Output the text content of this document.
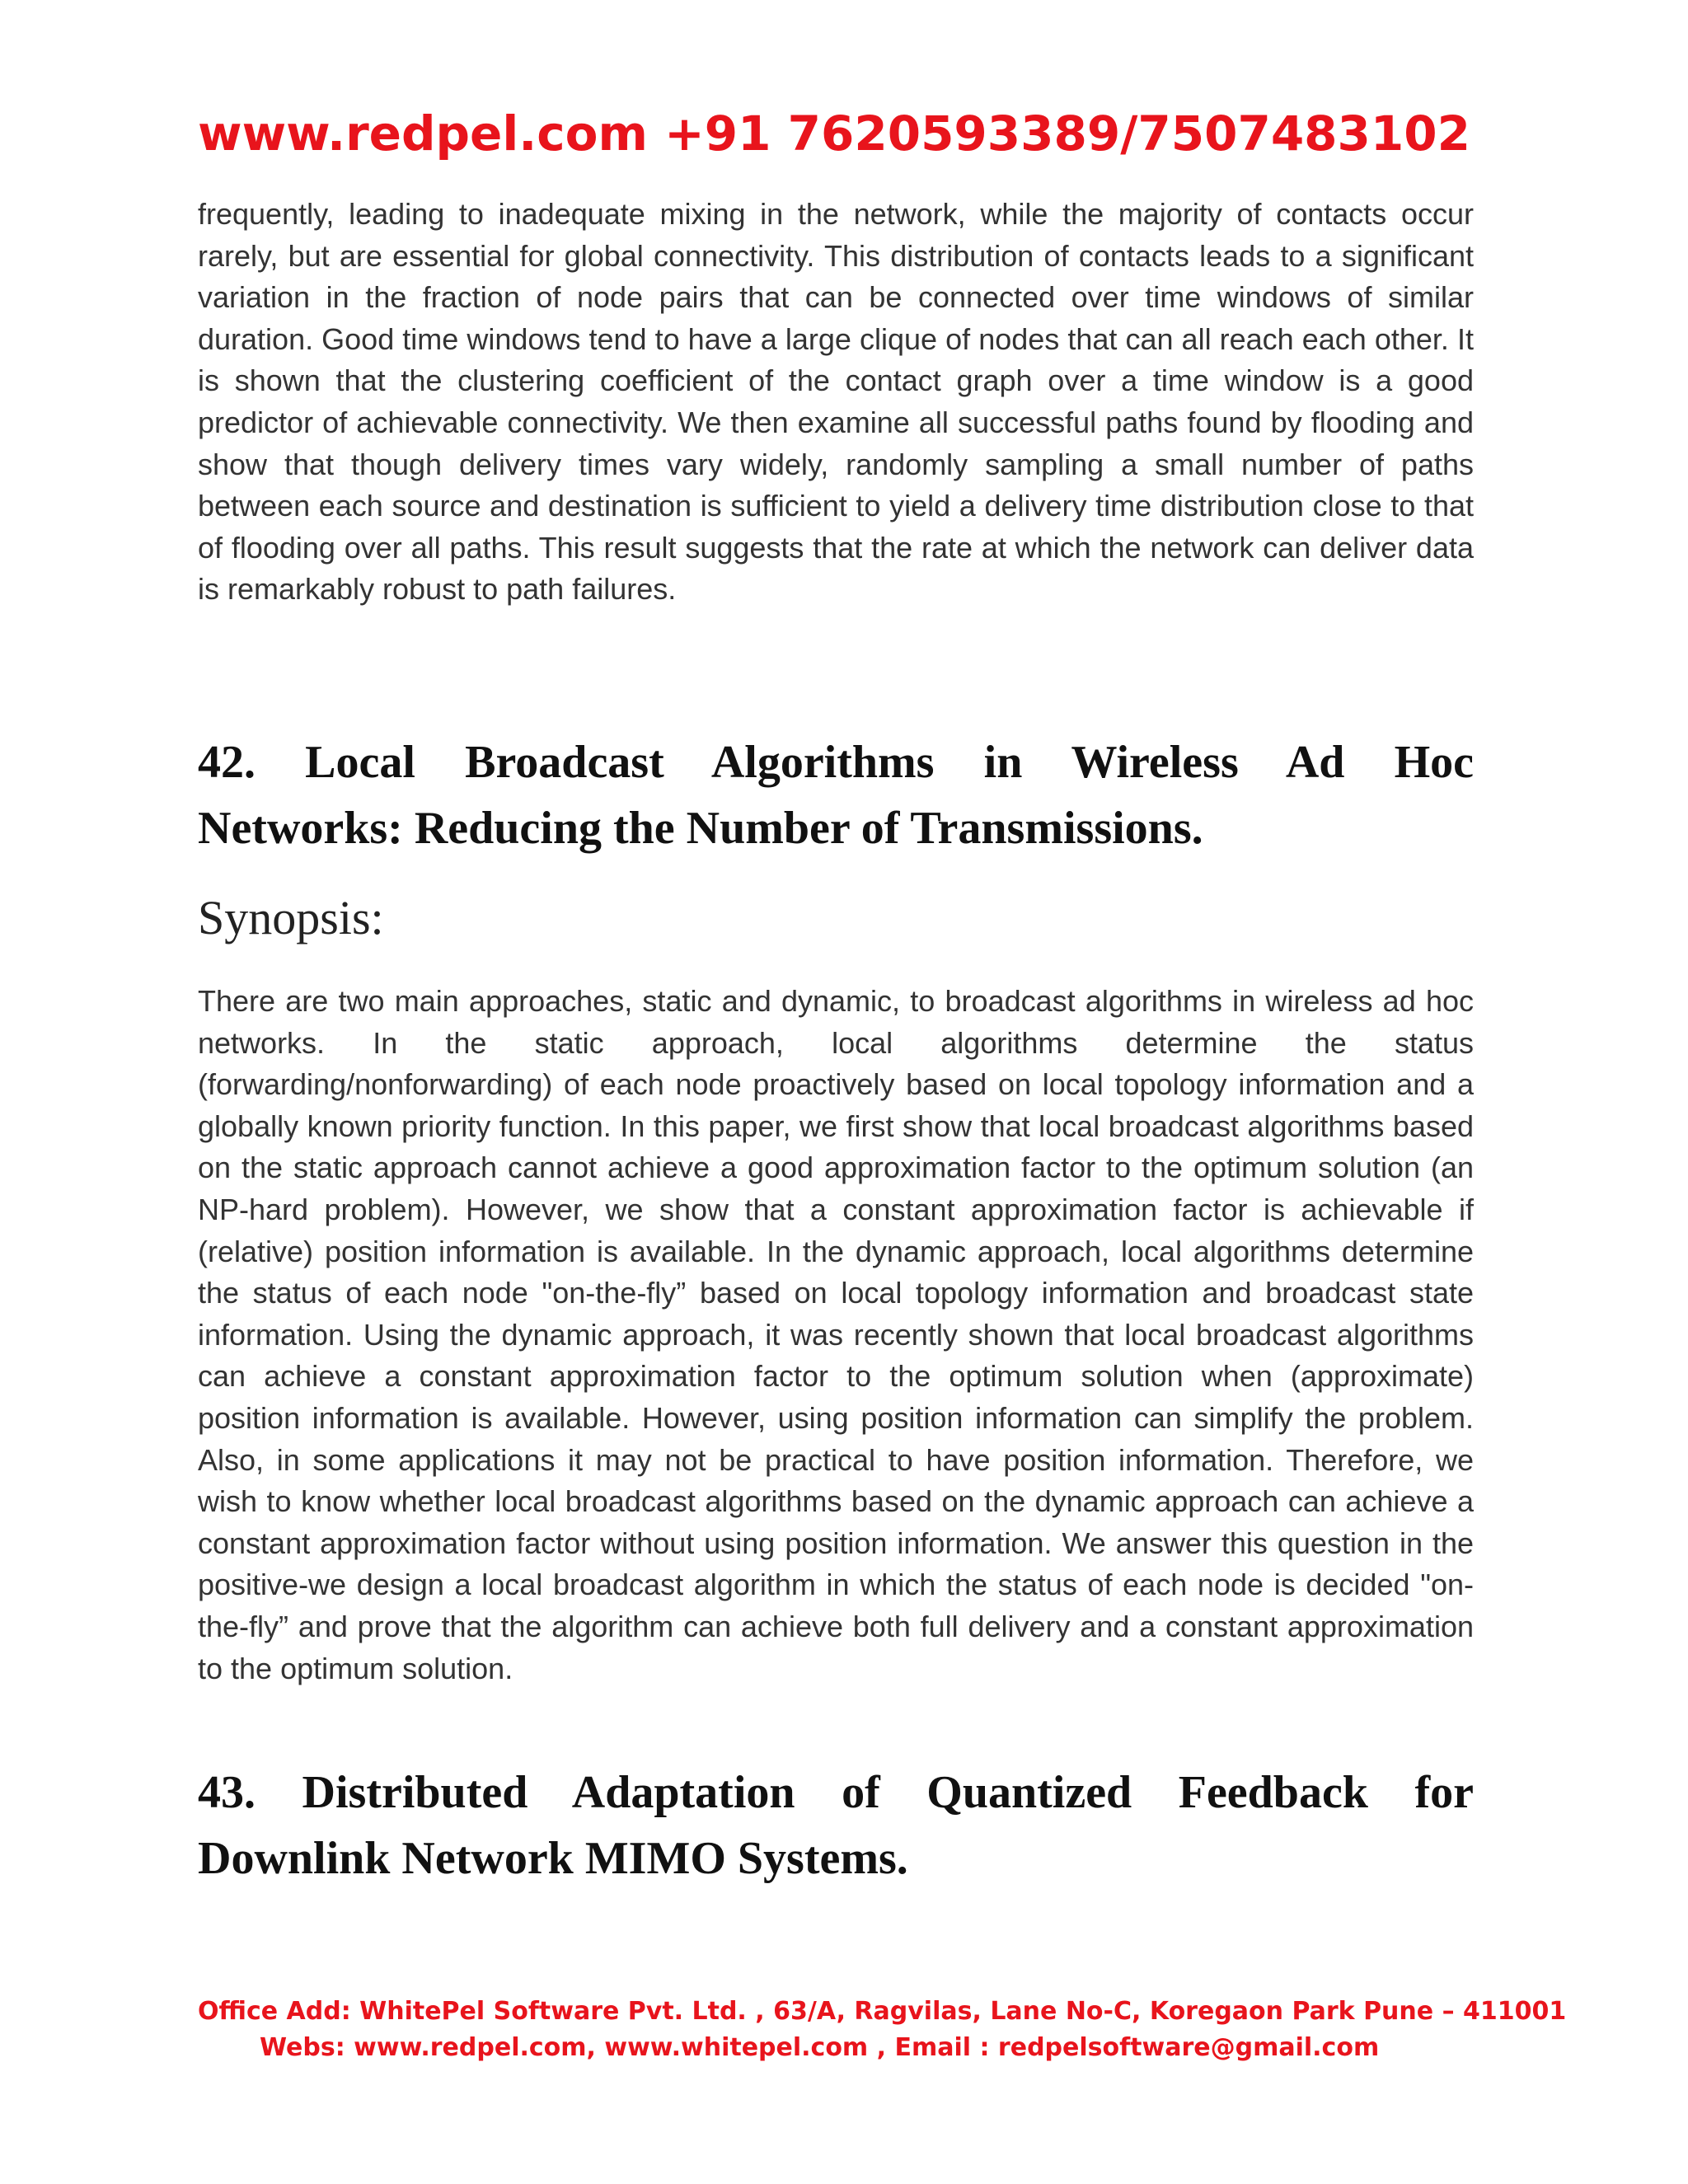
www.redpel.com +91 7620593389/7507483102

frequently, leading to inadequate mixing in the network, while the majority of contacts occur rarely, but are essential for global connectivity. This distribution of contacts leads to a significant variation in the fraction of node pairs that can be connected over time windows of similar duration. Good time windows tend to have a large clique of nodes that can all reach each other. It is shown that the clustering coefficient of the contact graph over a time window is a good predictor of achievable connectivity. We then examine all successful paths found by flooding and show that though delivery times vary widely, randomly sampling a small number of paths between each source and destination is sufficient to yield a delivery time distribution close to that of flooding over all paths. This result suggests that the rate at which the network can deliver data is remarkably robust to path failures.

42. Local Broadcast Algorithms in Wireless Ad Hoc
Networks: Reducing the Number of Transmissions.

Synopsis:

There are two main approaches, static and dynamic, to broadcast algorithms in wireless ad hoc networks. In the static approach, local algorithms determine the status (forwarding/nonforwarding) of each node proactively based on local topology information and a globally known priority function. In this paper, we first show that local broadcast algorithms based on the static approach cannot achieve a good approximation factor to the optimum solution (an NP-hard problem). However, we show that a constant approximation factor is achievable if (relative) position information is available. In the dynamic approach, local algorithms determine the status of each node "on-the-fly” based on local topology information and broadcast state information. Using the dynamic approach, it was recently shown that local broadcast algorithms can achieve a constant approximation factor to the optimum solution when (approximate) position information is available. However, using position information can simplify the problem. Also, in some applications it may not be practical to have position information. Therefore, we wish to know whether local broadcast algorithms based on the dynamic approach can achieve a constant approximation factor without using position information. We answer this question in the positive-we design a local broadcast algorithm in which the status of each node is decided "on-the-fly” and prove that the algorithm can achieve both full delivery and a constant approximation to the optimum solution.

43. Distributed Adaptation of Quantized Feedback for
Downlink Network MIMO Systems.
Office Add: WhitePel Software Pvt. Ltd. , 63/A, Ragvilas, Lane No-C, Koregaon Park Pune – 411001
Webs: www.redpel.com, www.whitepel.com , Email : redpelsoftware@gmail.com
